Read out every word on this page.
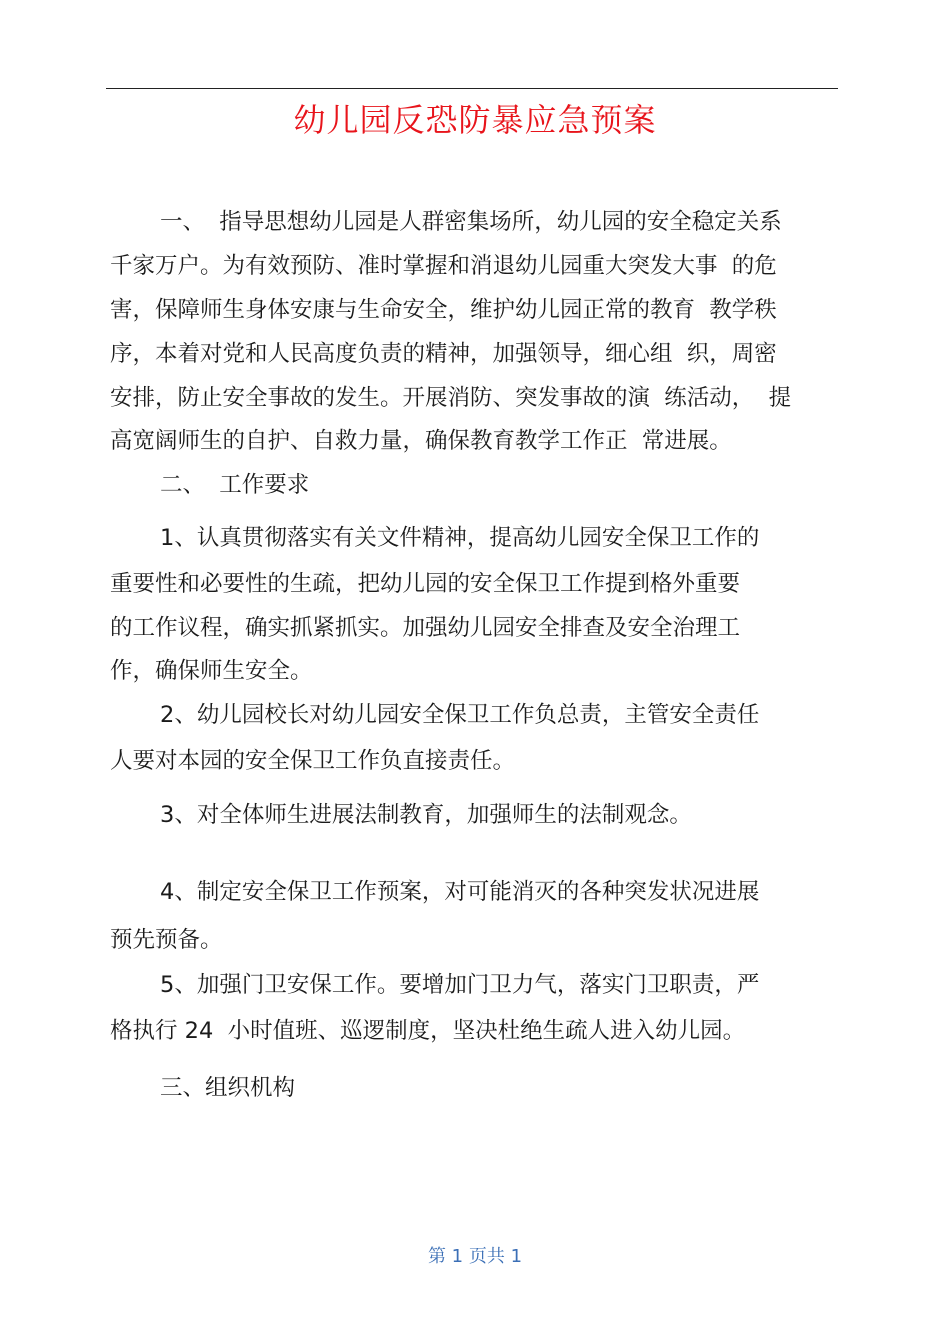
幼儿园反恐防暴应急预案
一、  指导思想幼儿园是人群密集场所，幼儿园的安全稳定关系
千家万户。为有效预防、准时掌握和消退幼儿园重大突发大事  的危
害，保障师生身体安康与生命安全，维护幼儿园正常的教育  教学秩
序，本着对党和人民高度负责的精神，加强领导，细心组  织，周密
安排，防止安全事故的发生。开展消防、突发事故的演  练活动，  提
高宽阔师生的自护、自救力量，确保教育教学工作正  常进展。
二、  工作要求
1、认真贯彻落实有关文件精神，提高幼儿园安全保卫工作的
重要性和必要性的生疏，把幼儿园的安全保卫工作提到格外重要
的工作议程，确实抓紧抓实。加强幼儿园安全排查及安全治理工
作，确保师生安全。
2、幼儿园校长对幼儿园安全保卫工作负总责，主管安全责任
人要对本园的安全保卫工作负直接责任。
3、对全体师生进展法制教育，加强师生的法制观念。
4、制定安全保卫工作预案，对可能消灭的各种突发状况进展
预先预备。
5、加强门卫安保工作。要增加门卫力气，落实门卫职责，严
格执行 24  小时值班、巡逻制度，坚决杜绝生疏人进入幼儿园。
三、组织机构
第 1 页共 1
